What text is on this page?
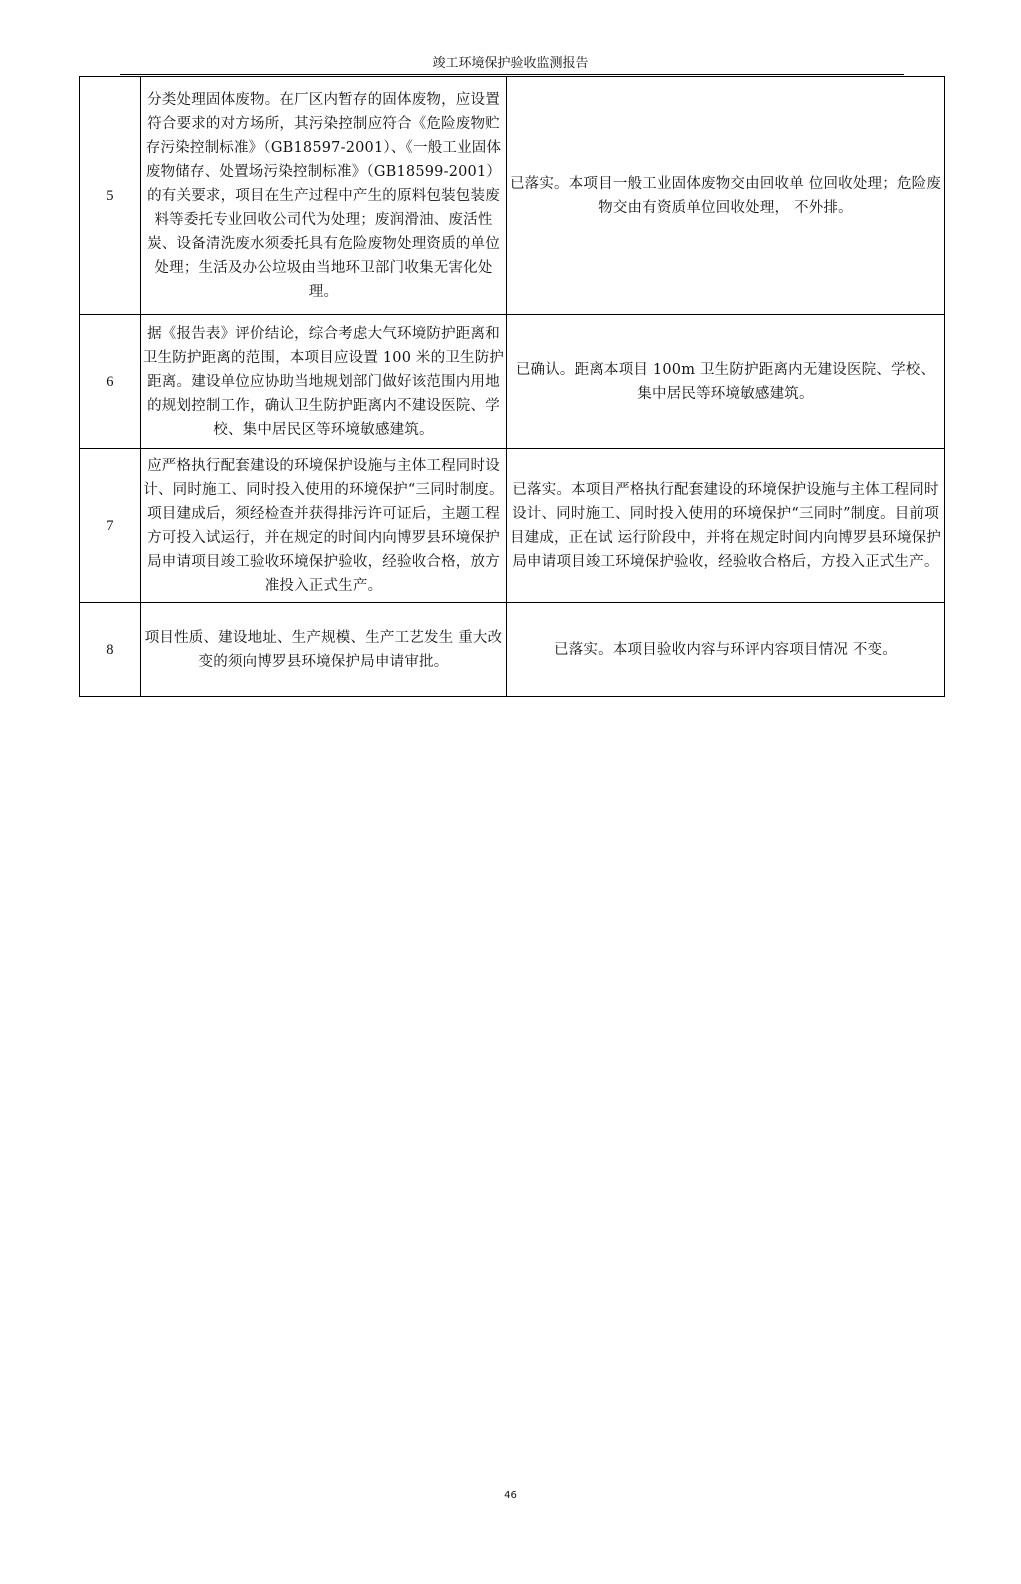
竣工环境保护验收监测报告
5	分类处理固体废物。在厂区内暂存的固体废物，应设置符合要求的对方场所，其污染控制应符合《危险废物贮存污染控制标准》（GB18597-2001）、《一般工业固体废物储存、处置场污染控制标准》（GB18599-2001）的有关要求，项目在生产过程中产生的原料包装包装废料等委托专业回收公司代为处理；废润滑油、废活性炭、设备清洗废水须委托具有危险废物处理资质的单位处理；生活及办公垃圾由当地环卫部门收集无害化处理。	已落实。本项目一般工业固体废物交由回收单 位回收处理；危险废物交由有资质单位回收处理， 不外排。

6	据《报告表》评价结论，综合考虑大气环境防护距离和卫生防护距离的范围，本项目应设置 100 米的卫生防护距离。建设单位应协助当地规划部门做好该范围内用地的规划控制工作，确认卫生防护距离内不建设医院、学校、集中居民区等环境敏感建筑。	已确认。距离本项目 100m 卫生防护距离内无建设医院、学校、集中居民等环境敏感建筑。

7	应严格执行配套建设的环境保护设施与主体工程同时设计、同时施工、同时投入使用的环境保护“三同时制度。项目建成后，须经检查并获得排污许可证后，主题工程方可投入试运行，并在规定的时间内向博罗县环境保护局申请项目竣工验收环境保护验收，经验收合格，放方准投入正式生产。	已落实。本项目严格执行配套建设的环境保护设施与主体工程同时设计、同时施工、同时投入使用的环境保护“三同时”制度。目前项目建成，正在试 运行阶段中，并将在规定时间内向博罗县环境保护局申请项目竣工环境保护验收，经验收合格后，方投入正式生产。

8	项目性质、建设地址、生产规模、生产工艺发生 重大改变的须向博罗县环境保护局申请审批。	已落实。本项目验收内容与环评内容项目情况 不变。
46
